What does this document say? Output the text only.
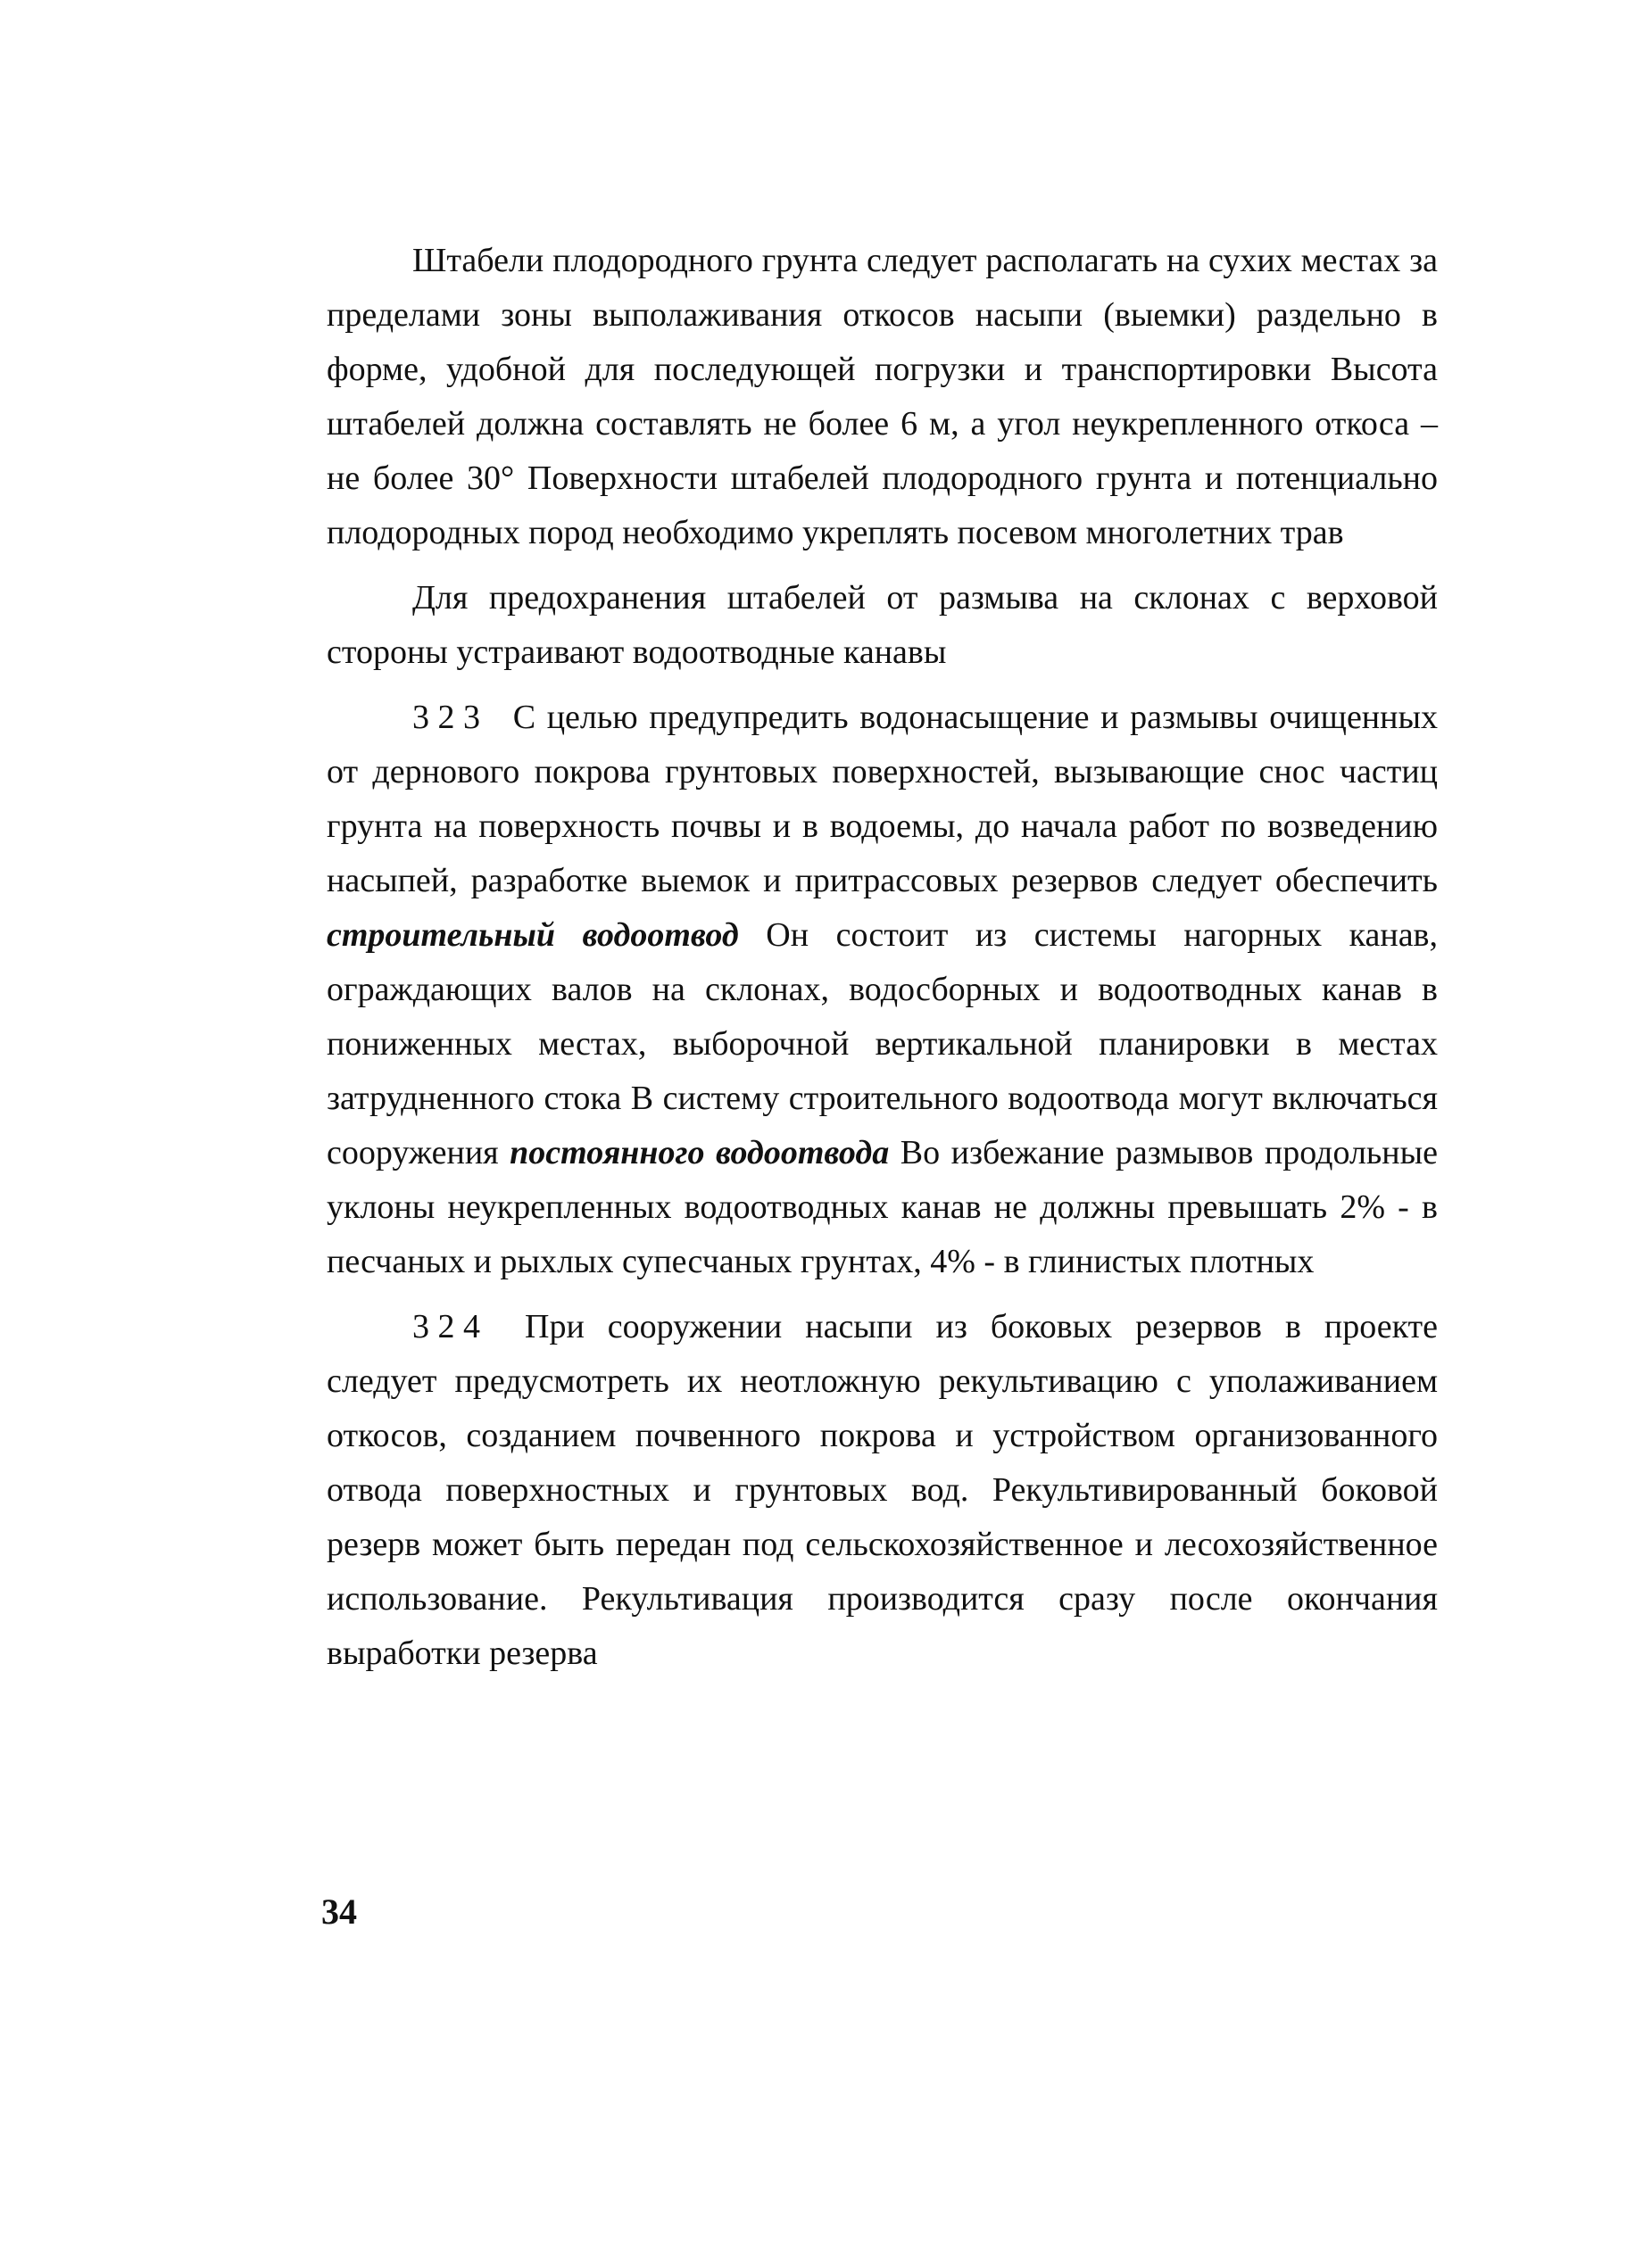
Штабели плодородного грунта следует располагать на сухих местах за пределами зоны выполаживания откосов насыпи (выемки) раздельно в форме, удобной для последующей погрузки и транспортировки Высота штабелей должна составлять не более 6 м, а угол неукрепленного откоса – не более 30° Поверхности штабелей плодородного грунта и потенциально плодородных пород необходимо укреплять посевом многолетних трав

Для предохранения штабелей от размыва на склонах с верховой стороны устраивают водоотводные канавы

3 2 3 С целью предупредить водонасыщение и размывы очищенных от дернового покрова грунтовых поверхностей, вызывающие снос частиц грунта на поверхность почвы и в водоемы, до начала работ по возведению насыпей, разработке выемок и притрассовых резервов следует обеспечить строительный водоотвод Он состоит из системы нагорных канав, ограждающих валов на склонах, водосборных и водоотводных канав в пониженных местах, выборочной вертикальной планировки в местах затрудненного стока В систему строительного водоотвода могут включаться сооружения постоянного водоотвода Во избежание размывов продольные уклоны неукрепленных водоотводных канав не должны превышать 2% - в песчаных и рыхлых супесчаных грунтах, 4% - в глинистых плотных

3 2 4 При сооружении насыпи из боковых резервов в проекте следует предусмотреть их неотложную рекультивацию с уполаживанием откосов, созданием почвенного покрова и устройством организованного отвода поверхностных и грунтовых вод. Рекультивированный боковой резерв может быть передан под сельскохозяйственное и лесохозяйственное использование. Рекультивация производится сразу после окончания выработки резерва

34
